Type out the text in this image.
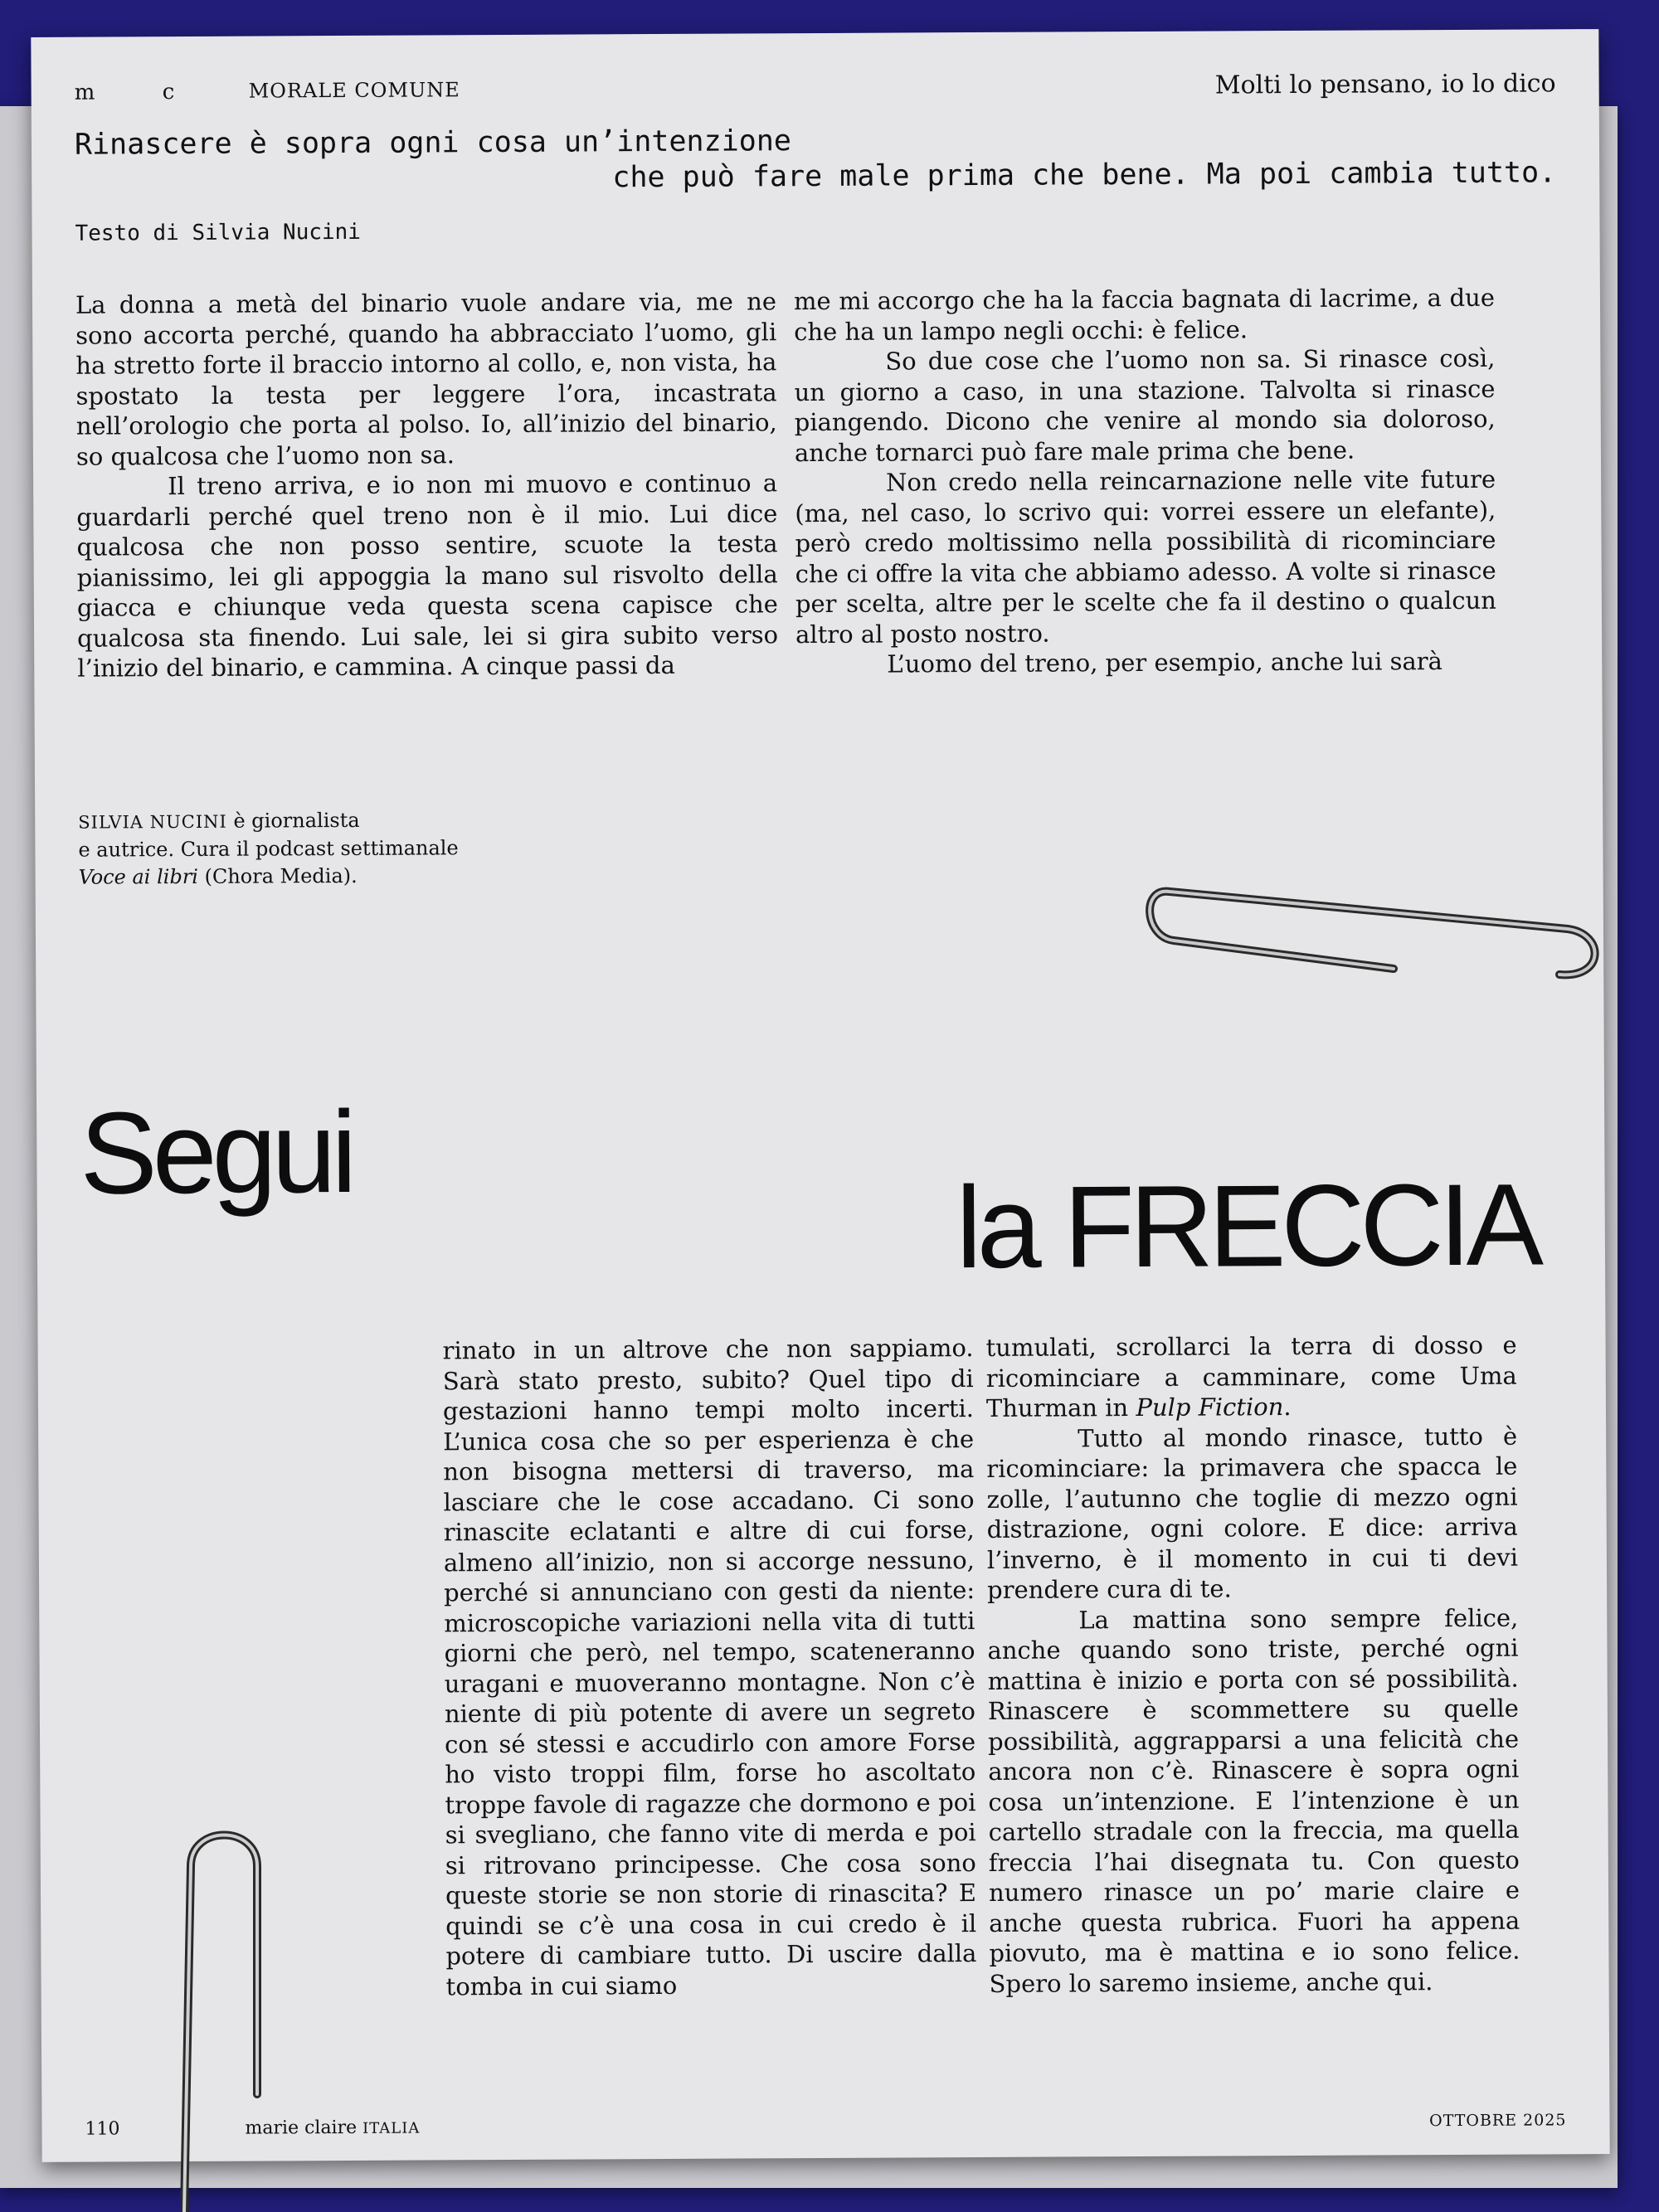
m	c	MORALE COMUNE	Molti lo pensano, io lo dico
Rinascere è sopra ogni cosa un’intenzione
che può fare male prima che bene. Ma poi cambia tutto.
Testo di Silvia Nucini

La donna a metà del binario vuole andare via, me ne sono accorta perché, quando ha abbracciato l’uomo, gli ha stretto forte il braccio intorno al collo, e, non vista, ha spostato la testa per leggere l’ora, incastrata nell’orologio che porta al polso. Io, all’inizio del binario, so qualcosa che l’uomo non sa.

Il treno arriva, e io non mi muovo e continuo a guardarli perché quel treno non è il mio. Lui dice qualcosa che non posso sentire, scuote la testa pianissimo, lei gli appoggia la mano sul risvolto della giacca e chiunque veda questa scena capisce che qualcosa sta finendo. Lui sale, lei si gira subito verso l’inizio del binario, e cammina. A cinque passi da

me mi accorgo che ha la faccia bagnata di lacrime, a due che ha un lampo negli occhi: è felice.

So due cose che l’uomo non sa. Si rinasce così, un giorno a caso, in una stazione. Talvolta si rinasce piangendo. Dicono che venire al mondo sia doloroso, anche tornarci può fare male prima che bene.

Non credo nella reincarnazione nelle vite future (ma, nel caso, lo scrivo qui: vorrei essere un elefante), però credo moltissimo nella possibilità di ricominciare che ci offre la vita che abbiamo adesso. A volte si rinasce per scelta, altre per le scelte che fa il destino o qualcun altro al posto nostro.

L’uomo del treno, per esempio, anche lui sarà

SILVIA NUCINI è giornalista
e autrice. Cura il podcast settimanale
Voce ai libri (Chora Media).
Segui
la FRECCIA

rinato in un altrove che non sappiamo. Sarà stato presto, subito? Quel tipo di gestazioni hanno tempi molto incerti. L’unica cosa che so per esperienza è che non bisogna mettersi di traverso, ma lasciare che le cose accadano. Ci sono rinascite eclatanti e altre di cui forse, almeno all’inizio, non si accorge nessuno, perché si annunciano con gesti da niente: microscopiche variazioni nella vita di tutti giorni che però, nel tempo, scateneranno uragani e muoveranno montagne. Non c’è niente di più potente di avere un segreto con sé stessi e accudirlo con amore Forse ho visto troppi film, forse ho ascoltato troppe favole di ragazze che dormono e poi si svegliano, che fanno vite di merda e poi si ritrovano principesse. Che cosa sono queste storie se non storie di rinascita? E quindi se c’è una cosa in cui credo è il potere di cambiare tutto. Di uscire dalla tomba in cui siamo

tumulati, scrollarci la terra di dosso e ricominciare a camminare, come Uma Thurman in Pulp Fiction.

Tutto al mondo rinasce, tutto è ricominciare: la primavera che spacca le zolle, l’autunno che toglie di mezzo ogni distrazione, ogni colore. E dice: arriva l’inverno, è il momento in cui ti devi prendere cura di te.

La mattina sono sempre felice, anche quando sono triste, perché ogni mattina è inizio e porta con sé possibilità. Rinascere è scommettere su quelle possibilità, aggrapparsi a una felicità che ancora non c’è. Rinascere è sopra ogni cosa un’intenzione. E l’intenzione è un cartello stradale con la freccia, ma quella freccia l’hai disegnata tu. Con questo numero rinasce un po’ marie claire e anche questa rubrica. Fuori ha appena piovuto, ma è mattina e io sono felice. Spero lo saremo insieme, anche qui.

110	marie claire ITALIA	OTTOBRE 2025
